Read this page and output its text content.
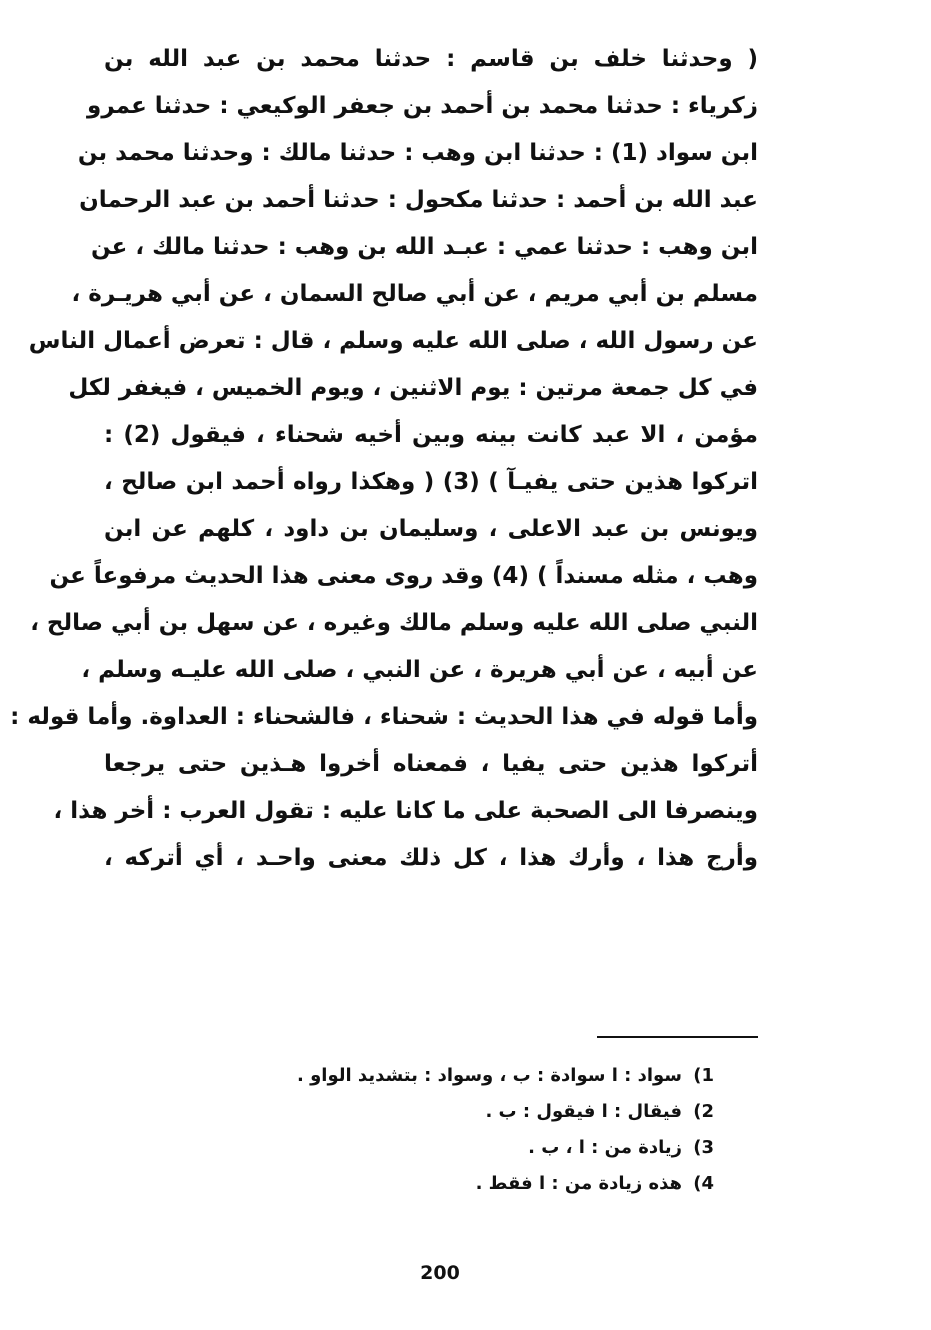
( وحدثنا خلف بن قاسم : حدثنا محمد بن عبد الله بن
زكرياء : حدثنا محمد بن أحمد بن جعفر الوكيعي : حدثنا عمرو
ابن سواد (1) : حدثنا ابن وهب : حدثنا مالك : وحدثنا محمد بن
عبد الله بن أحمد : حدثنا مكحول : حدثنا أحمد بن عبد الرحمان
ابن وهب : حدثنا عمي : عبـد الله بن وهب : حدثنا مالك ، عن
مسلم بن أبي مريم ، عن أبي صالح السمان ، عن أبي هريـرة ،
عن رسول الله ، صلى الله عليه وسلم ، قال : تعرض أعمال الناس
في كل جمعة مرتين : يوم الاثنين ، ويوم الخميس ، فيغفر لكل
مؤمن ، الا عبد كانت بينه وبين أخيه شحناء ، فيقول (2) :
اتركوا هذين حتى يفيـآ ) (3) ( وهكذا رواه أحمد ابن صالح ،
ويونس بن عبد الاعلى ، وسليمان بن داود ، كلهم عن ابن
وهب ، مثله مسنداً ) (4) وقد روى معنى هذا الحديث مرفوعاً عن
النبي صلى الله عليه وسلم مالك وغيره ، عن سهل بن أبي صالح ،
عن أبيه ، عن أبي هريرة ، عن النبي ، صلى الله عليـه وسلم ،
وأما قوله في هذا الحديث : شحناء ، فالشحناء : العداوة. وأما قوله :
أتركوا هذين حتى يفيا ، فمعناه أخروا هـذين حتى يرجعا
وينصرفا الى الصحبة على ما كانا عليه : تقول العرب : أخر هذا ،
وأرج هذا ، وأرك هذا ، كل ذلك معنى واحـد ، أي أتركه ،
1)سواد : ا سوادة : ب ، وسواد : بتشديد الواو .
2)فيقال : ا فيقول : ب .
3)زيادة من : ا ، ب .
4)هذه زيادة من : ا فقط .
200
